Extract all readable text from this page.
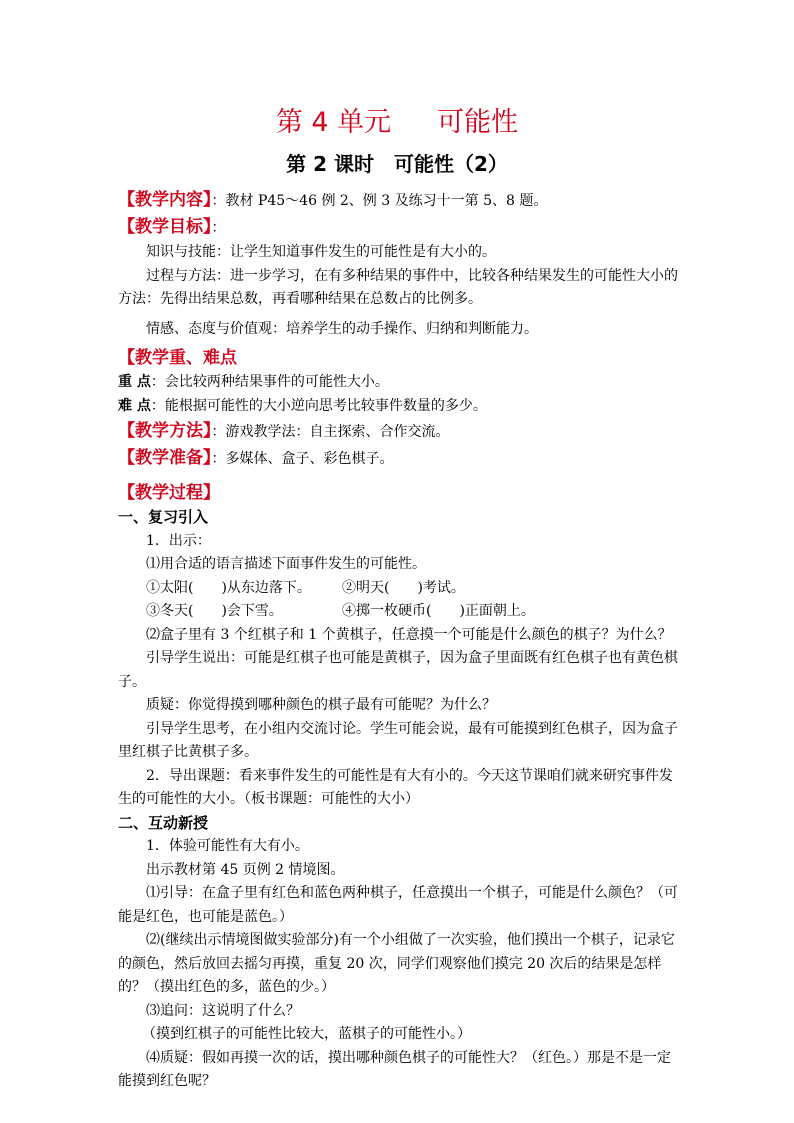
第 4 单元 可能性
第 2 课时　可能性（2）

【教学内容】：教材 P45～46 例 2、例 3 及练习十一第 5、8 题。

【教学目标】：

知识与技能：让学生知道事件发生的可能性是有大小的。

过程与方法：进一步学习，在有多种结果的事件中，比较各种结果发生的可能性大小的方法：先得出结果总数，再看哪种结果在总数占的比例多。

情感、态度与价值观：培养学生的动手操作、归纳和判断能力。

【教学重、难点

重 点：会比较两种结果事件的可能性大小。

难 点：能根据可能性的大小逆向思考比较事件数量的多少。

【教学方法】：游戏教学法：自主探索、合作交流。

【教学准备】：多媒体、盒子、彩色棋子。

【教学过程】

一、复习引入

1．出示：

⑴用合适的语言描述下面事件发生的可能性。

①太阳(　　)从东边落下。	②明天(　　)考试。
③冬天(　　)会下雪。	④掷一枚硬币(　　)正面朝上。

⑵盒子里有 3 个红棋子和 1 个黄棋子，任意摸一个可能是什么颜色的棋子？为什么？

引导学生说出：可能是红棋子也可能是黄棋子，因为盒子里面既有红色棋子也有黄色棋子。

质疑：你觉得摸到哪种颜色的棋子最有可能呢？为什么？

引导学生思考，在小组内交流讨论。学生可能会说，最有可能摸到红色棋子，因为盒子里红棋子比黄棋子多。

2．导出课题：看来事件发生的可能性是有大有小的。今天这节课咱们就来研究事件发生的可能性的大小。（板书课题：可能性的大小）

二、互动新授

1．体验可能性有大有小。

出示教材第 45 页例 2 情境图。

⑴引导：在盒子里有红色和蓝色两种棋子，任意摸出一个棋子，可能是什么颜色？（可能是红色，也可能是蓝色。）

⑵(继续出示情境图做实验部分)有一个小组做了一次实验，他们摸出一个棋子，记录它的颜色，然后放回去摇匀再摸，重复 20 次，同学们观察他们摸完 20 次后的结果是怎样的？（摸出红色的多，蓝色的少。）

⑶追问：这说明了什么？

（摸到红棋子的可能性比较大，蓝棋子的可能性小。）

⑷质疑：假如再摸一次的话，摸出哪种颜色棋子的可能性大？（红色。）那是不是一定能摸到红色呢？
